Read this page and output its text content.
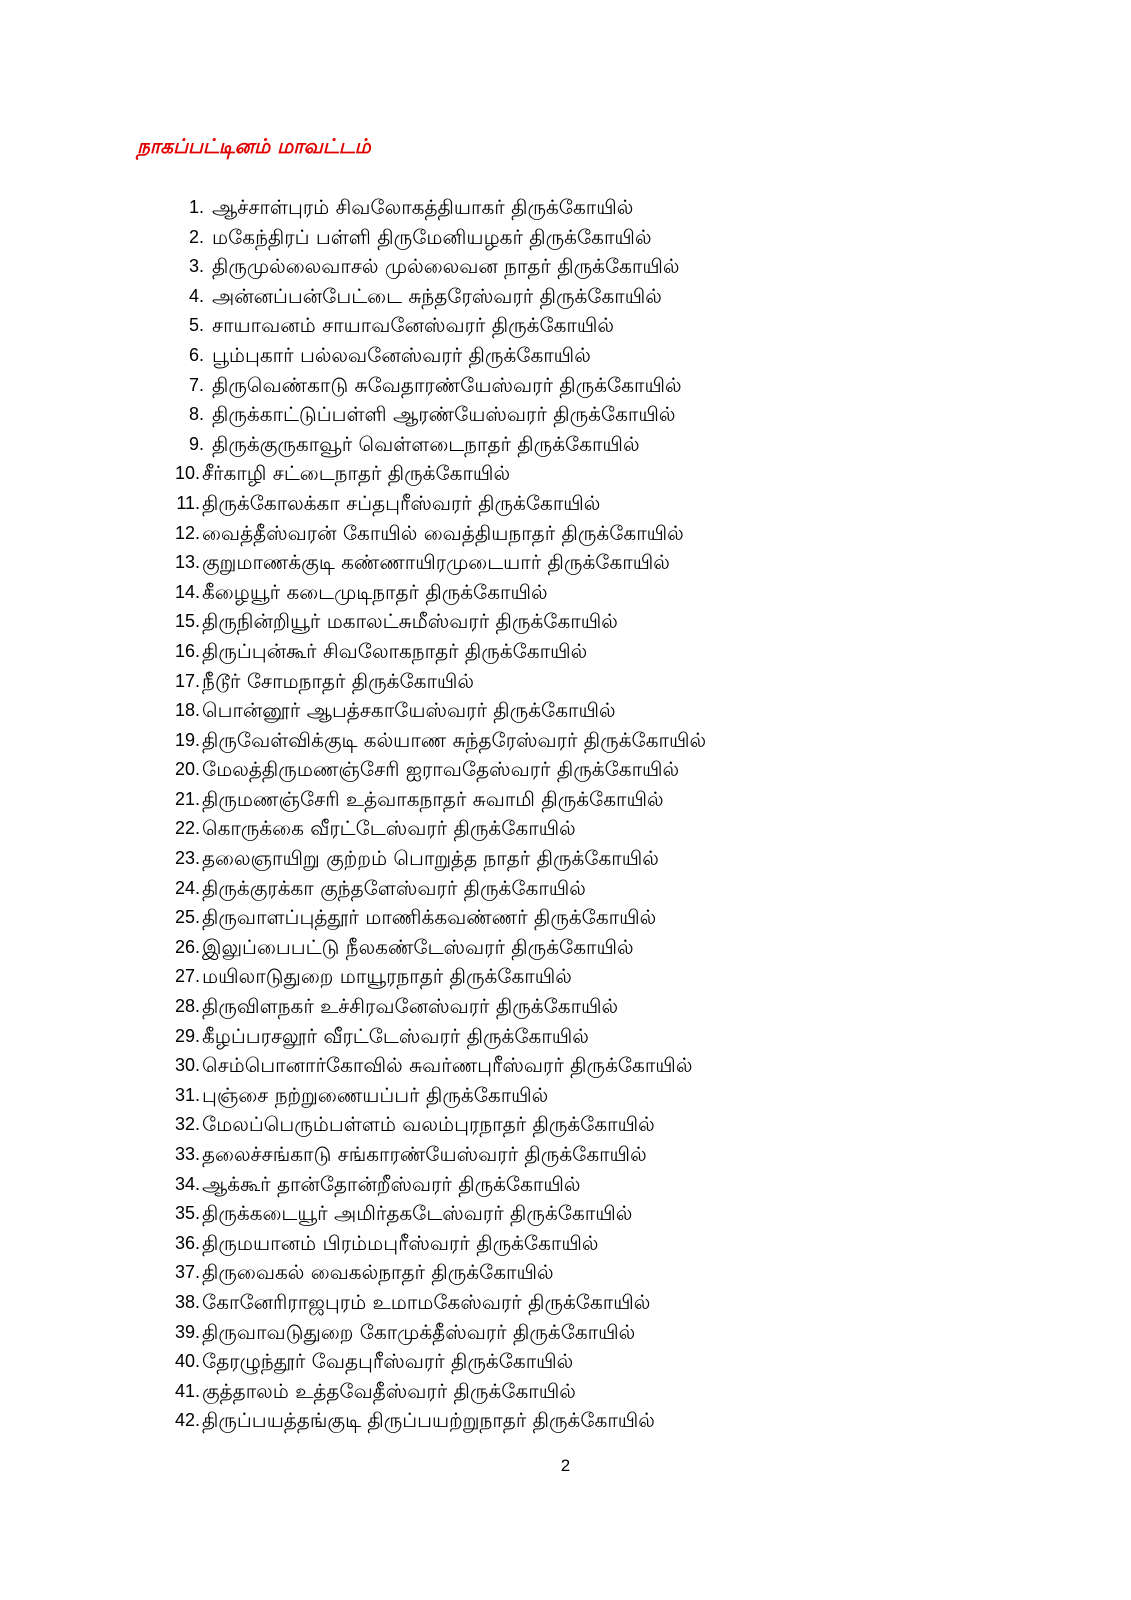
நாகப்பட்டினம் மாவட்டம்
1. ஆச்சாள்புரம் சிவலோகத்தியாகர் திருக்கோயில்
2. மகேந்திரப் பள்ளி திருமேனியழகர் திருக்கோயில்
3. திருமுல்லைவாசல் முல்லைவன நாதர் திருக்கோயில்
4. அன்னப்பன்பேட்டை சுந்தரேஸ்வரர் திருக்கோயில்
5. சாயாவனம் சாயாவனேஸ்வரர் திருக்கோயில்
6. பூம்புகார் பல்லவனேஸ்வரர் திருக்கோயில்
7. திருவெண்காடு சுவேதாரண்யேஸ்வரர் திருக்கோயில்
8. திருக்காட்டுப்பள்ளி ஆரண்யேஸ்வரர் திருக்கோயில்
9. திருக்குருகாவூர் வெள்ளடைநாதர் திருக்கோயில்
10. சீர்காழி சட்டைநாதர் திருக்கோயில்
11. திருக்கோலக்கா சப்தபுரீஸ்வரர் திருக்கோயில்
12. வைத்தீஸ்வரன் கோயில் வைத்தியநாதர் திருக்கோயில்
13. குறுமாணக்குடி கண்ணாயிரமுடையார் திருக்கோயில்
14. கீழையூர் கடைமுடிநாதர் திருக்கோயில்
15. திருநின்றியூர் மகாலட்சுமீஸ்வரர் திருக்கோயில்
16. திருப்புன்கூர் சிவலோகநாதர் திருக்கோயில்
17. நீடூர் சோமநாதர் திருக்கோயில்
18. பொன்னூர் ஆபத்சகாயேஸ்வரர் திருக்கோயில்
19. திருவேள்விக்குடி கல்யாண சுந்தரேஸ்வரர் திருக்கோயில்
20. மேலத்திருமணஞ்சேரி ஐராவதேஸ்வரர் திருக்கோயில்
21. திருமணஞ்சேரி உத்வாகநாதர் சுவாமி திருக்கோயில்
22. கொருக்கை வீரட்டேஸ்வரர் திருக்கோயில்
23. தலைஞாயிறு குற்றம் பொறுத்த நாதர் திருக்கோயில்
24. திருக்குரக்கா குந்தளேஸ்வரர் திருக்கோயில்
25. திருவாளப்புத்தூர் மாணிக்கவண்ணர் திருக்கோயில்
26. இலுப்பைபட்டு நீலகண்டேஸ்வரர் திருக்கோயில்
27. மயிலாடுதுறை மாயூரநாதர் திருக்கோயில்
28. திருவிளநகர் உச்சிரவனேஸ்வரர் திருக்கோயில்
29. கீழப்பரசலூர் வீரட்டேஸ்வரர் திருக்கோயில்
30. செம்பொனார்கோவில் சுவர்ணபுரீஸ்வரர் திருக்கோயில்
31. புஞ்சை நற்றுணையப்பர் திருக்கோயில்
32. மேலப்பெரும்பள்ளம் வலம்புரநாதர் திருக்கோயில்
33. தலைச்சங்காடு சங்காரண்யேஸ்வரர் திருக்கோயில்
34. ஆக்கூர் தான்தோன்றீஸ்வரர் திருக்கோயில்
35. திருக்கடையூர் அமிர்தகடேஸ்வரர் திருக்கோயில்
36. திருமயானம் பிரம்மபுரீஸ்வரர் திருக்கோயில்
37. திருவைகல் வைகல்நாதர் திருக்கோயில்
38. கோனேரிராஜபுரம் உமாமகேஸ்வரர் திருக்கோயில்
39. திருவாவடுதுறை கோமுக்தீஸ்வரர் திருக்கோயில்
40. தேரழுந்தூர் வேதபுரீஸ்வரர் திருக்கோயில்
41. குத்தாலம் உத்தவேதீஸ்வரர் திருக்கோயில்
42. திருப்பயத்தங்குடி திருப்பயற்றுநாதர் திருக்கோயில்
2
